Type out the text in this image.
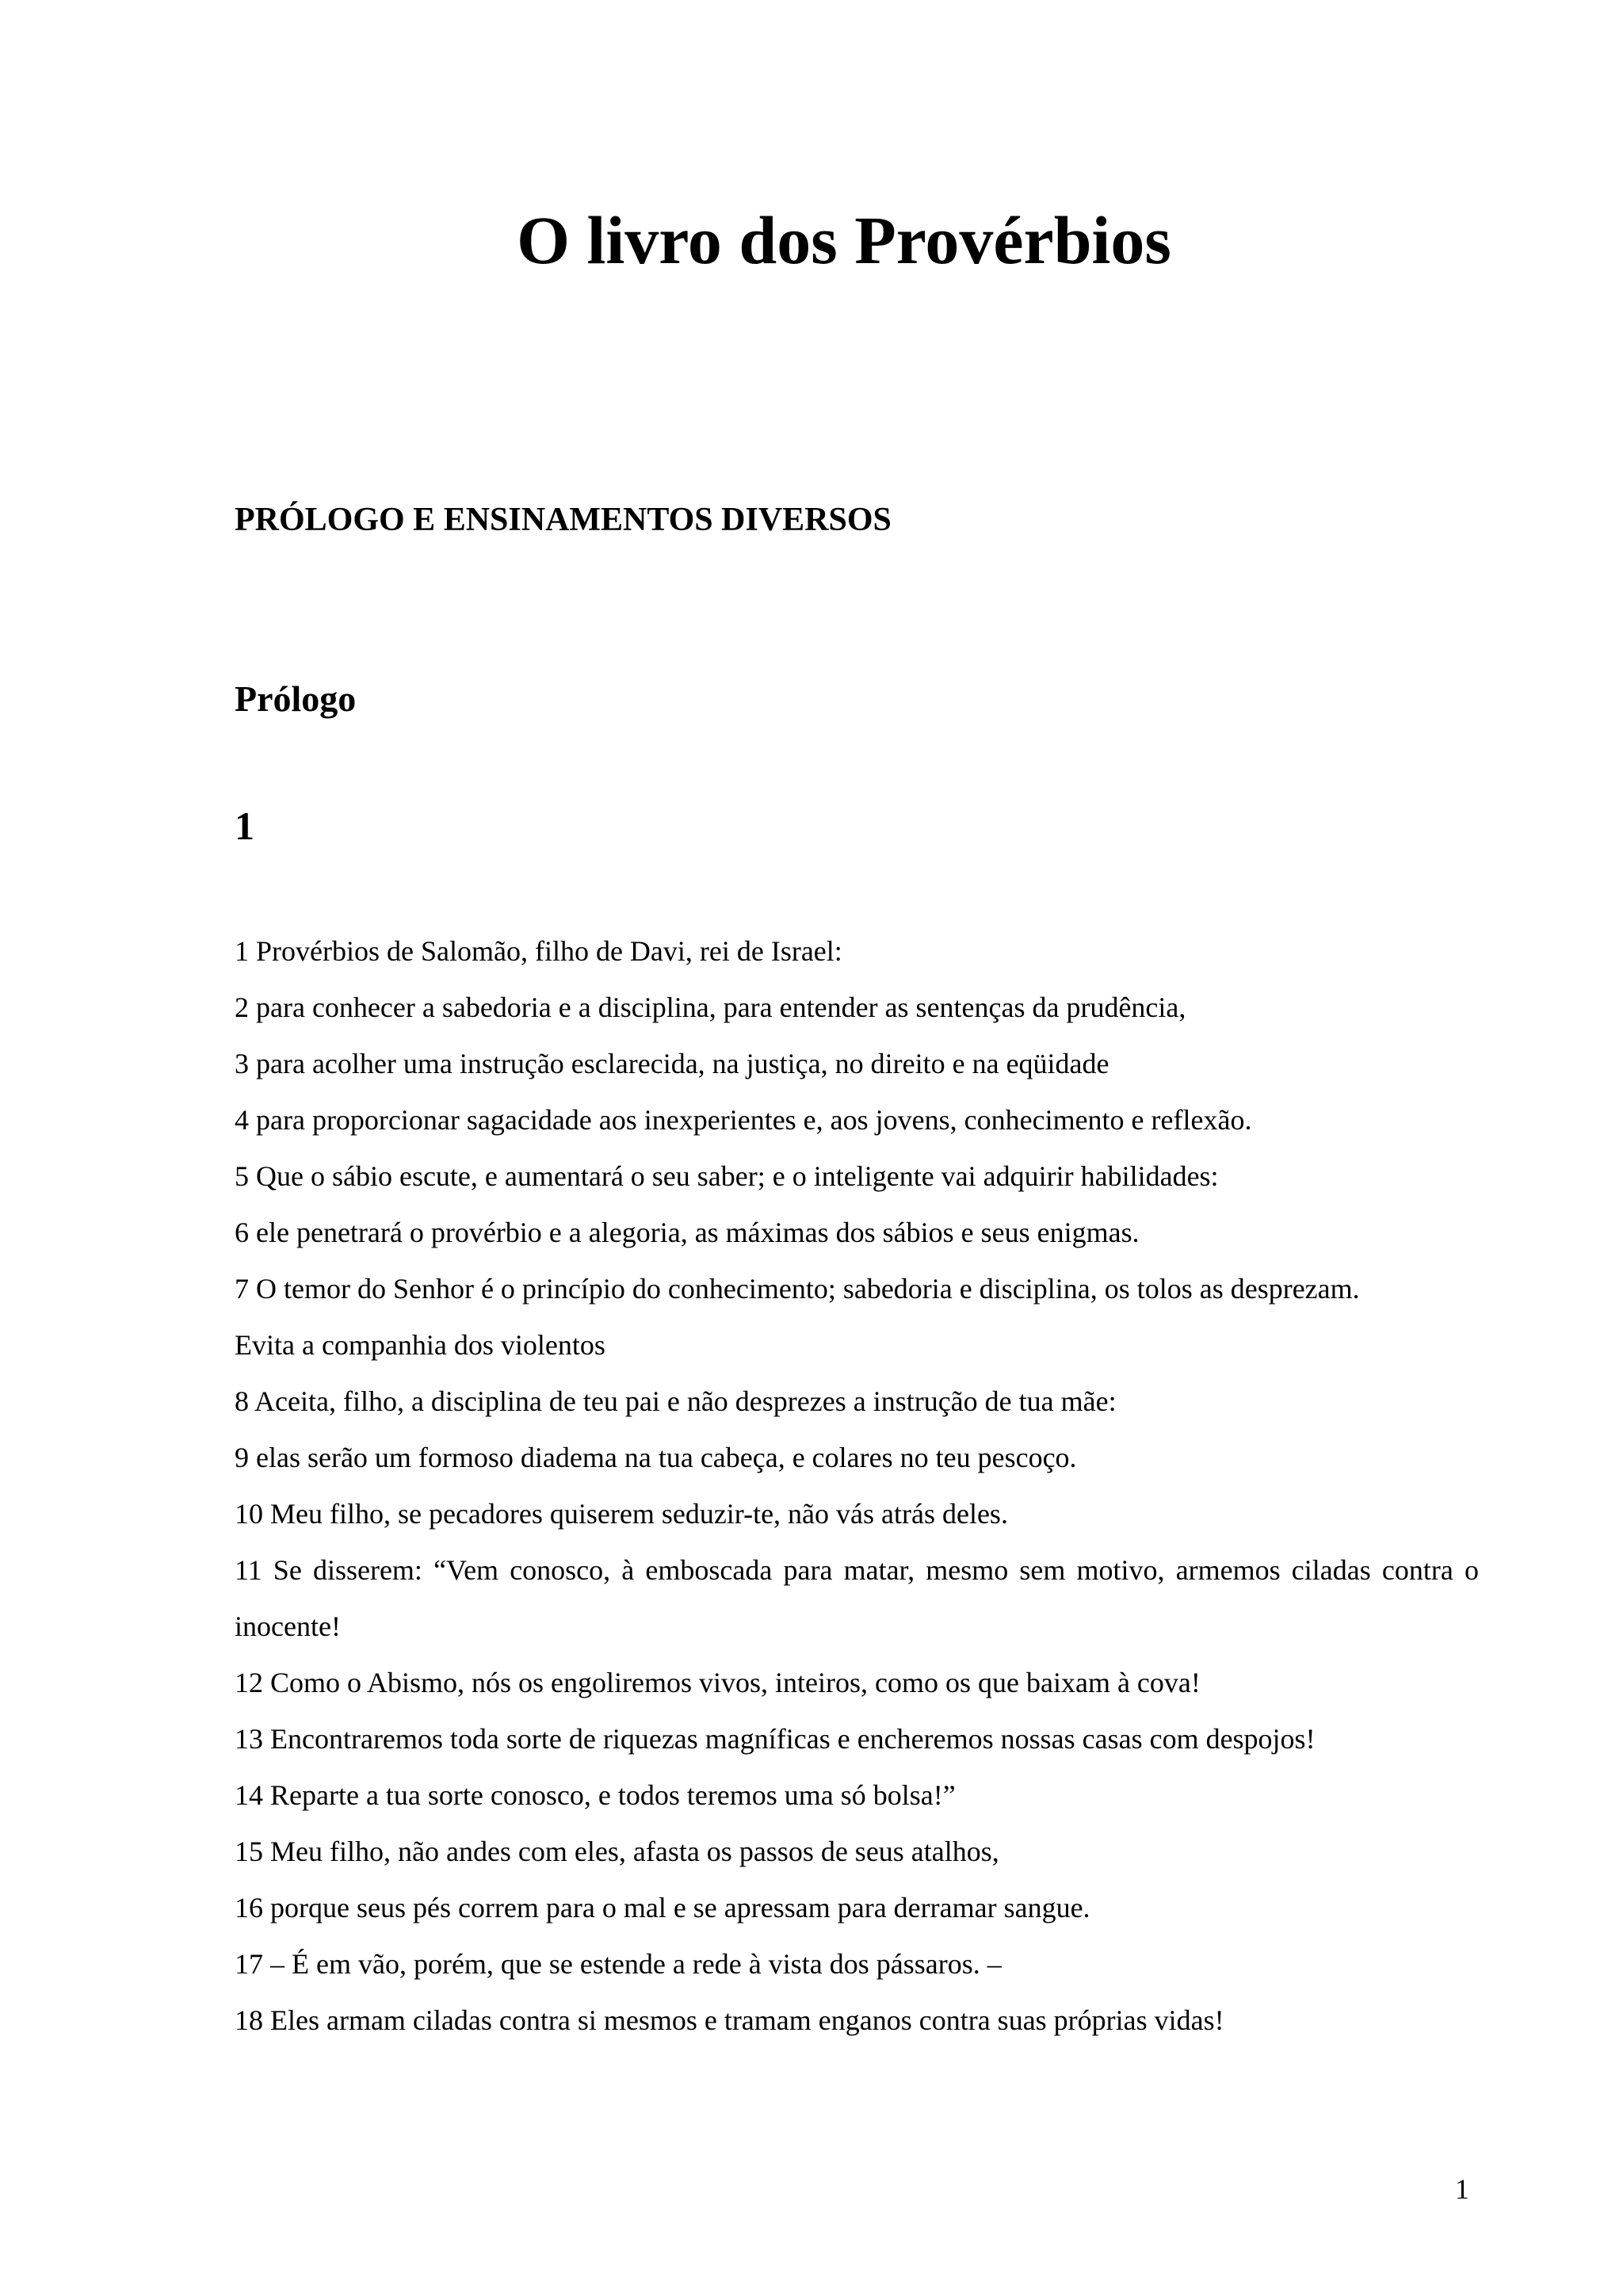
O livro dos Provérbios
PRÓLOGO E ENSINAMENTOS DIVERSOS
Prólogo
1

1 Provérbios de Salomão, filho de Davi, rei de Israel:

2 para conhecer a sabedoria e a disciplina, para entender as sentenças da prudência,

3 para acolher uma instrução esclarecida, na justiça, no direito e na eqüidade

4 para proporcionar sagacidade aos inexperientes e, aos jovens, conhecimento e reflexão.

5 Que o sábio escute, e aumentará o seu saber; e o inteligente vai adquirir habilidades:

6 ele penetrará o provérbio e a alegoria, as máximas dos sábios e seus enigmas.

7 O temor do Senhor é o princípio do conhecimento; sabedoria e disciplina, os tolos as desprezam.

Evita a companhia dos violentos

8 Aceita, filho, a disciplina de teu pai e não desprezes a instrução de tua mãe:

9 elas serão um formoso diadema na tua cabeça, e colares no teu pescoço.

10 Meu filho, se pecadores quiserem seduzir-te, não vás atrás deles.

11 Se disserem: “Vem conosco, à emboscada para matar, mesmo sem motivo, armemos ciladas contra o inocente!

12 Como o Abismo, nós os engoliremos vivos, inteiros, como os que baixam à cova!

13 Encontraremos toda sorte de riquezas magníficas e encheremos nossas casas com despojos!

14 Reparte a tua sorte conosco, e todos teremos uma só bolsa!”

15 Meu filho, não andes com eles, afasta os passos de seus atalhos,

16 porque seus pés correm para o mal e se apressam para derramar sangue.

17 – É em vão, porém, que se estende a rede à vista dos pássaros. –

18 Eles armam ciladas contra si mesmos e tramam enganos contra suas próprias vidas!

1
